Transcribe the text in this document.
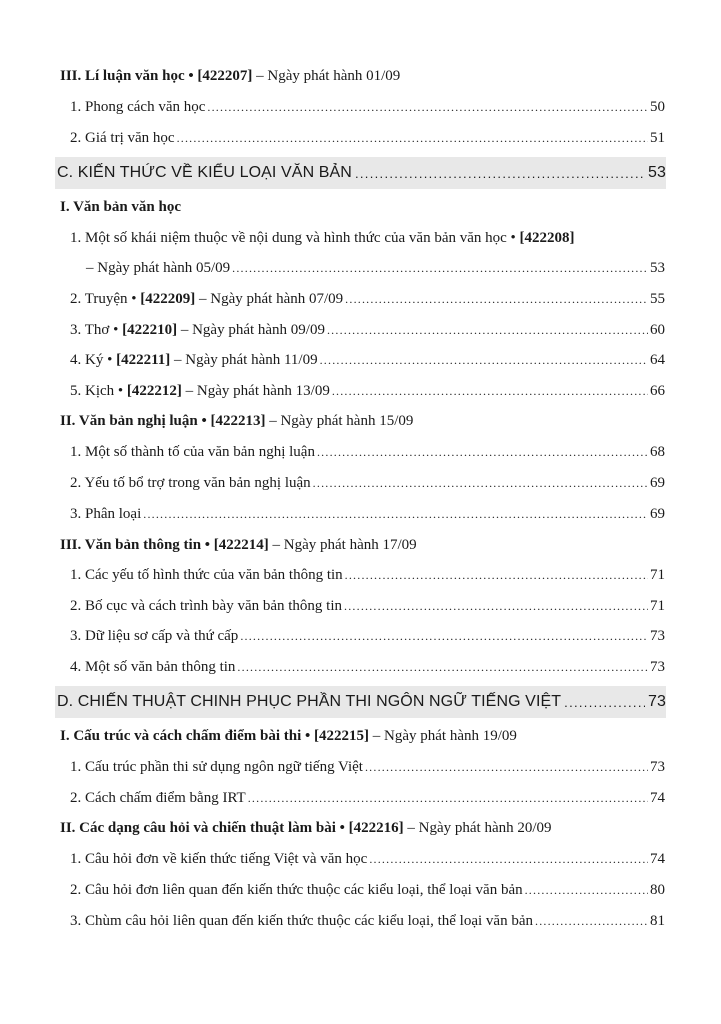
III. Lí luận văn học • [422207] – Ngày phát hành 01/09
1. Phong cách văn học .....	50
2. Giá trị văn học .....	51
C. KIẾN THỨC VỀ KIỂU LOẠI VĂN BẢN .....	53
I. Văn bản văn học
1. Một số khái niệm thuộc về nội dung và hình thức của văn bản văn học • [422208]
– Ngày phát hành 05/09 .....	53
2. Truyện • [422209] – Ngày phát hành 07/09 .....	55
3. Thơ • [422210] – Ngày phát hành 09/09 .....	60
4. Ký • [422211] – Ngày phát hành 11/09 .....	64
5. Kịch • [422212] – Ngày phát hành 13/09 .....	66
II. Văn bản nghị luận • [422213] – Ngày phát hành 15/09
1. Một số thành tố của văn bản nghị luận .....	68
2. Yếu tố bổ trợ trong văn bản nghị luận .....	69
3. Phân loại .....	69
III. Văn bản thông tin • [422214] – Ngày phát hành 17/09
1. Các yếu tố hình thức của văn bản thông tin .....	71
2. Bố cục và cách trình bày văn bản thông tin .....	71
3. Dữ liệu sơ cấp và thứ cấp .....	73
4. Một số văn bản thông tin .....	73
D. CHIẾN THUẬT CHINH PHỤC PHẦN THI NGÔN NGỮ TIẾNG VIỆT .....	73
I. Cấu trúc và cách chấm điểm bài thi • [422215] – Ngày phát hành 19/09
1. Cấu trúc phần thi sử dụng ngôn ngữ tiếng Việt .....	73
2. Cách chấm điểm bằng IRT .....	74
II. Các dạng câu hỏi và chiến thuật làm bài • [422216] – Ngày phát hành 20/09
1. Câu hỏi đơn về kiến thức tiếng Việt và văn học .....	74
2. Câu hỏi đơn liên quan đến kiến thức thuộc các kiểu loại, thể loại văn bản .....	80
3. Chùm câu hỏi liên quan đến kiến thức thuộc các kiểu loại, thể loại văn bản .....	81
